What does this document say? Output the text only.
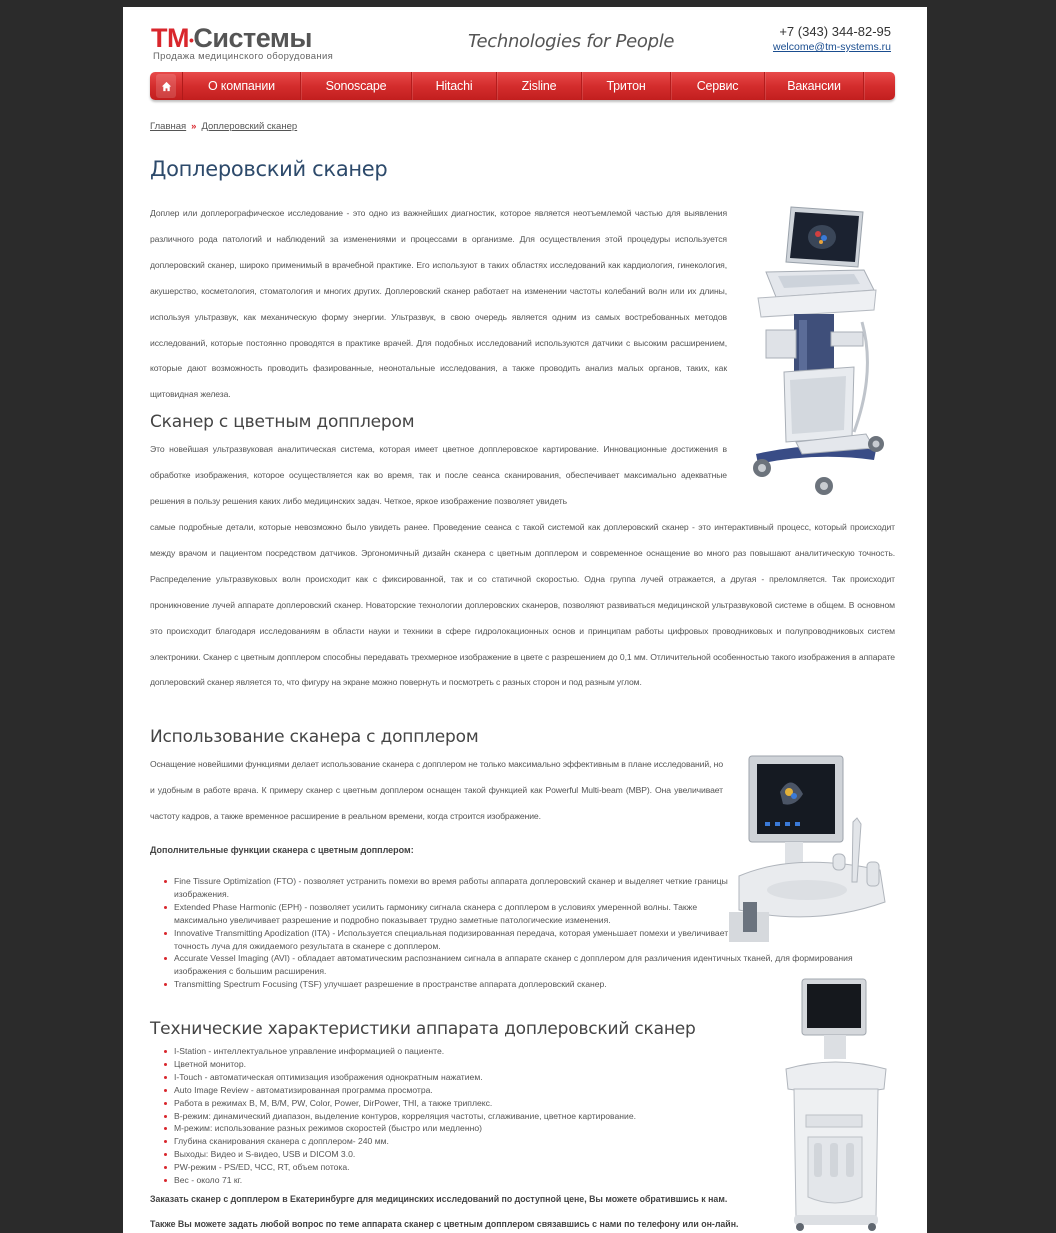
ТМ•Системы
Продажа медицинского оборудования
Technologies for People	+7 (343) 344-82-95
welcome@tm-systems.ru
О компании	Sonoscape	Hitachi	Zisline	Тритон	Сервис	Вакансии
Главная » Доплеровский сканер
Доплеровский сканер

Доплер или доплерографическое исследование - это одно из важнейших диагностик, которое является неотъемлемой частью для выявления различного рода патологий и наблюдений за изменениями и процессами в организме. Для осуществления этой процедуры используется доплеровский сканер, широко применимый в врачебной практике. Его используют в таких областях исследований как кардиология, гинекология, акушерство, косметология, стоматология и многих других. Доплеровский сканер работает на изменении частоты колебаний волн или их длины, используя ультразвук, как механическую форму энергии. Ультразвук, в свою очередь является одним из самых востребованных методов исследований, которые постоянно проводятся в практике врачей. Для подобных исследований используются датчики с высоким расширением, которые дают возможность проводить фазированные, неонотальные исследования, а также проводить анализ малых органов, таких, как щитовидная железа.

Сканер с цветным допплером

Это новейшая ультразвуковая аналитическая система, которая имеет цветное допплеровское картирование. Инновационные достижения в обработке изображения, которое осуществляется как во время, так и после сеанса сканирования, обеспечивает максимально адекватные решения в пользу решения каких либо медицинских задач. Четкое, яркое изображение позволяет увидеть

самые подробные детали, которые невозможно было увидеть ранее. Проведение сеанса с такой системой как доплеровский сканер - это интерактивный процесс, который происходит между врачом и пациентом посредством датчиков. Эргономичный дизайн сканера с цветным допплером и современное оснащение во много раз повышают аналитическую точность. Распределение ультразвуковых волн происходит как с фиксированной, так и со статичной скоростью. Одна группа лучей отражается, а другая - преломляется. Так происходит проникновение лучей аппарате доплеровский сканер. Новаторские технологии доплеровских сканеров, позволяют развиваться медицинской ультразвуковой системе в общем. В основном это происходит благодаря исследованиям в области науки и техники в сфере гидролокационных основ и принципам работы цифровых проводниковых и полупроводниковых систем электроники. Сканер с цветным допплером способны передавать трехмерное изображение в цвете с разрешением до 0,1 мм. Отличительной особенностью такого изображения в аппарате доплеровский сканер является то, что фигуру на экране можно повернуть и посмотреть с разных сторон и под разным углом.

Использование сканера с допплером

Оснащение новейшими функциями делает использование сканера с допплером не только максимально эффективным в плане исследований, но и удобным в работе врача. К примеру сканер с цветным допплером оснащен такой функцией как Powerful Multi-beam (MBP). Она увеличивает частоту кадров, а также временное расширение в реальном времени, когда строится изображение.

Дополнительные функции сканера с цветным допплером:
Fine Tissure Optimization (FTO) - позволяет устранить помехи во время работы аппарата доплеровский сканер и выделяет четкие границы изображения.
Extended Phase Harmonic (EPH) - позволяет усилить гармонику сигнала сканера с допплером в условиях умеренной волны. Также максимально увеличивает разрешение и подробно показывает трудно заметные патологические изменения.
Innovative Transmitting Apodization (ITA) - Используется специальная подизированная передача, которая уменьшает помехи и увеличивает точность луча для ожидаемого результата в сканере с допплером.
Accurate Vessel Imaging (AVI) - обладает автоматическим распознанием сигнала в аппарате сканер с допплером для различения идентичных тканей, для формирования изображения с большим расширения.
Transmitting Spectrum Focusing (TSF) улучшает разрешение в пространстве аппарата доплеровский сканер.
Технические характеристики аппарата доплеровский сканер
I-Station - интеллектуальное управление информацией о пациенте.
Цветной монитор.
I-Touch - автоматическая оптимизация изображения однократным нажатием.
Auto Image Review - автоматизированная программа просмотра.
Работа в режимах B, M, B/M, PW, Color, Power, DirPower, THI, а также триплекс.
В-режим: динамический диапазон, выделение контуров, корреляция частоты, сглаживание, цветное картирование.
М-режим: использование разных режимов скоростей (быстро или медленно)
Глубина сканирования сканера с допплером- 240 мм.
Выходы: Видео и S-видео, USB и DICOM 3.0.
PW-режим - PS/ED, ЧСС, RT, объем потока.
Вес - около 71 кг.
Заказать сканер с допплером в Екатеринбурге для медицинских исследований по доступной цене, Вы можете обратившись к нам.
Также Вы можете задать любой вопрос по теме аппарата сканер с цветным допплером связавшись с нами по телефону или он-лайн.
